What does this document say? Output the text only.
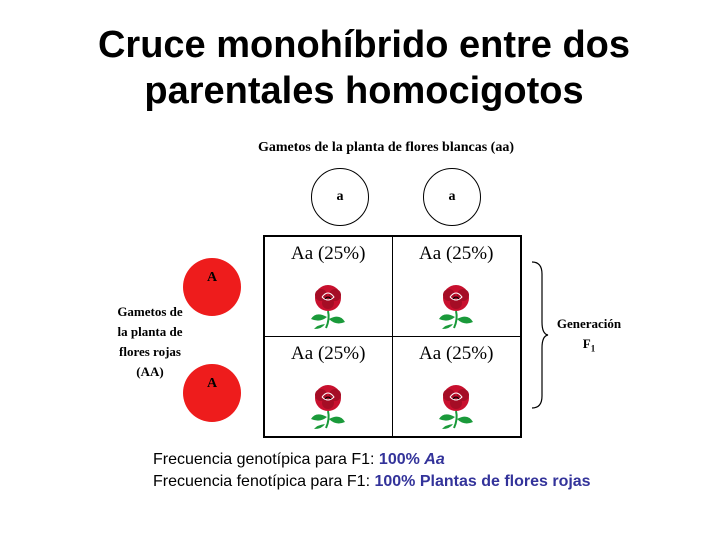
Cruce monohíbrido entre dos
parentales homocigotos
Gametos de la planta de flores blancas (aa)
a	a
A
A
Gametos de
la planta de
flores rojas
(AA)
Aa (25%)	Aa (25%)
Aa (25%)	Aa (25%)
Generación
$F_1$
Frecuencia genotípica para F1: 100% Aa
Frecuencia fenotípica para F1: 100% Plantas de flores rojas
